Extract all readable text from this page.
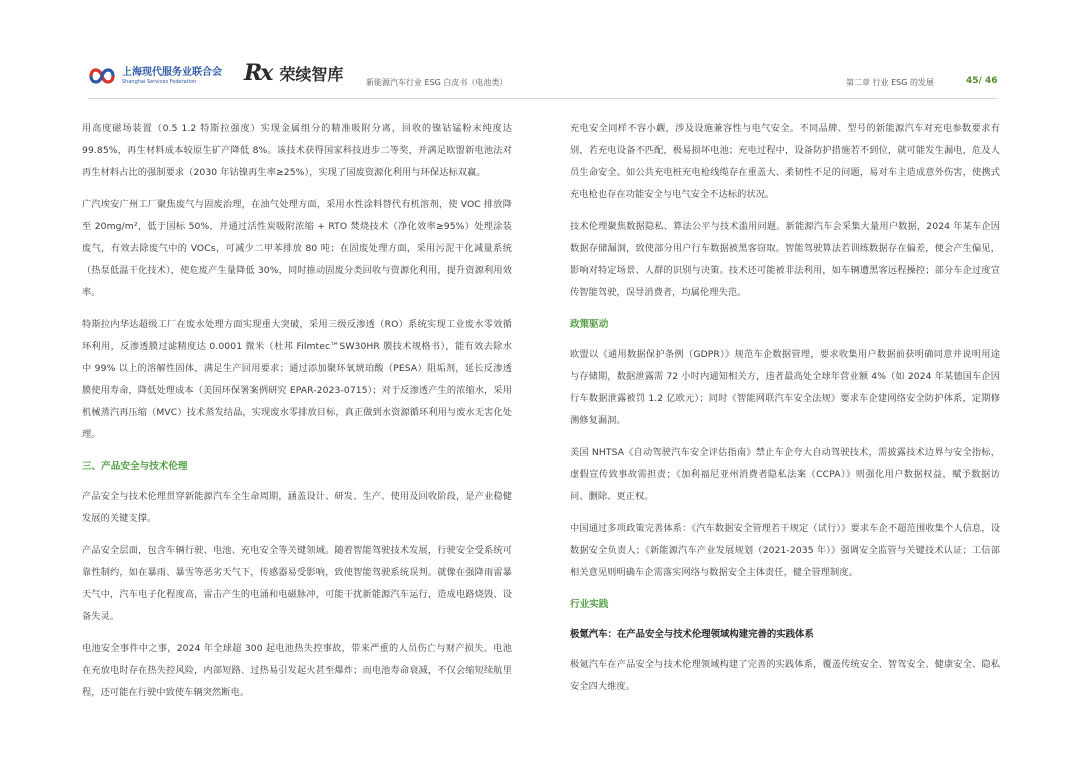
上海现代服务业联合会
Shanghai Services Federation	Rx 荣续智库	新能源汽车行业 ESG 白皮书（电池类）	第二章 行业 ESG 的发展	45/ 46

用高度磁场装置（0.5 1.2 特斯拉强度）实现金属组分的精准吸附分离，回收的镍钴锰粉末纯度达 99.85%，再生材料成本较原生矿产降低 8%。该技术获得国家科技进步二等奖，并满足欧盟新电池法对再生材料占比的强制要求（2030 年钴镍再生率≥25%），实现了国废资源化利用与环保达标双赢。

广汽埃安广州工厂聚焦废气与固废治理，在油气处理方面，采用水性涂料替代有机溶剂，使 VOC 排放降至 20mg/m²，低于国标 50%，并通过活性炭吸附浓缩 + RTO 焚烧技术（净化效率≥95%）处理涂装废气，有效去除废气中的 VOCs，可减少二甲苯排放 80 吨；在固废处理方面，采用污泥干化减量系统（热泵低温干化技术），使危废产生量降低 30%，同时推动固废分类回收与资源化利用，提升资源利用效率。

特斯拉内华达超级工厂在废水处理方面实现重大突破，采用三级反渗透（RO）系统实现工业废水零效循环利用，反渗透膜过滤精度达 0.0001 微米（杜邦 Filmtec™SW30HR 膜技术规格书），能有效去除水中 99% 以上的溶解性固体，满足生产回用要求；通过添加聚环氧琥珀酸（PESA）阻垢剂，延长反渗透膜使用寿命，降低处理成本（美国环保署案例研究 EPAR-2023-0715）；对于反渗透产生的浓缩水，采用机械蒸汽再压缩（MVC）技术蒸发结晶，实现废水零排放目标，真正做到水资源循环利用与废水无害化处理。

三、产品安全与技术伦理

产品安全与技术伦理贯穿新能源汽车全生命周期，涵盖设计、研发、生产、使用及回收阶段，是产业稳健发展的关键支撑。

产品安全层面，包含车辆行驶、电池、充电安全等关键领域。随着智能驾驶技术发展，行驶安全受系统可靠性制约，如在暴雨、暴雪等恶劣天气下，传感器易受影响，致使智能驾驶系统误判。就像在强降雨雷暴天气中，汽车电子化程度高，雷击产生的电涌和电磁脉冲，可能干扰新能源汽车运行，造成电路烧毁、设备失灵。

电池安全事件中之事，2024 年全球超 300 起电池热失控事故，带来严重的人员伤亡与财产损失。电池在充放电时存在热失控风险，内部短路、过热易引发起火甚至爆炸；而电池寿命衰减，不仅会缩短续航里程，还可能在行驶中致使车辆突然断电。

充电安全同样不容小觑，涉及设施兼容性与电气安全。不同品牌、型号的新能源汽车对充电参数要求有别，若充电设备不匹配，极易损坏电池；充电过程中，设备防护措施若不到位，就可能发生漏电，危及人员生命安全。如公共充电桩充电枪线缆存在重盖大、柔韧性不足的问题，易对车主造成意外伤害，使携式充电枪也存在功能安全与电气安全不达标的状况。

技术伦理聚焦数据隐私、算法公平与技术滥用问题。新能源汽车会采集大量用户数据，2024 年某车企因数据存储漏洞，致使部分用户行车数据被黑客窃取。智能驾驶算法若训练数据存在偏差，便会产生偏见，影响对特定场景、人群的识别与决策。技术还可能被非法利用，如车辆遭黑客远程操控；部分车企过度宣传智能驾驶，误导消费者，均属伦理失范。

政策驱动

欧盟以《通用数据保护条例（GDPR）》规范车企数据管理，要求收集用户数据前获明确同意并说明用途与存储期，数据泄露需 72 小时内通知相关方，违者最高处全球年营业额 4%（如 2024 年某德国车企因行车数据泄露被罚 1.2 亿欧元）；同时《智能网联汽车安全法规》要求车企建网络安全防护体系，定期修测修复漏洞。

美国 NHTSA《自动驾驶汽车安全评估指南》禁止车企夸大自动驾驶技术，需披露技术边界与安全指标，虚假宣传致事故需担责；《加利福尼亚州消费者隐私法案（CCPA）》则强化用户数据权益，赋予数据访问、删除、更正权。

中国通过多项政策完善体系：《汽车数据安全管理若干规定（试行）》要求车企不超范围收集个人信息，设数据安全负责人；《新能源汽车产业发展规划（2021-2035 年）》强调安全监管与关键技术认证；工信部相关意见则明确车企需落实网络与数据安全主体责任，健全管理制度。

行业实践
极氪汽车：在产品安全与技术伦理领域构建完善的实践体系

极氪汽车在产品安全与技术伦理领域构建了完善的实践体系，覆盖传统安全、智驾安全、健康安全、隐私安全四大维度。
